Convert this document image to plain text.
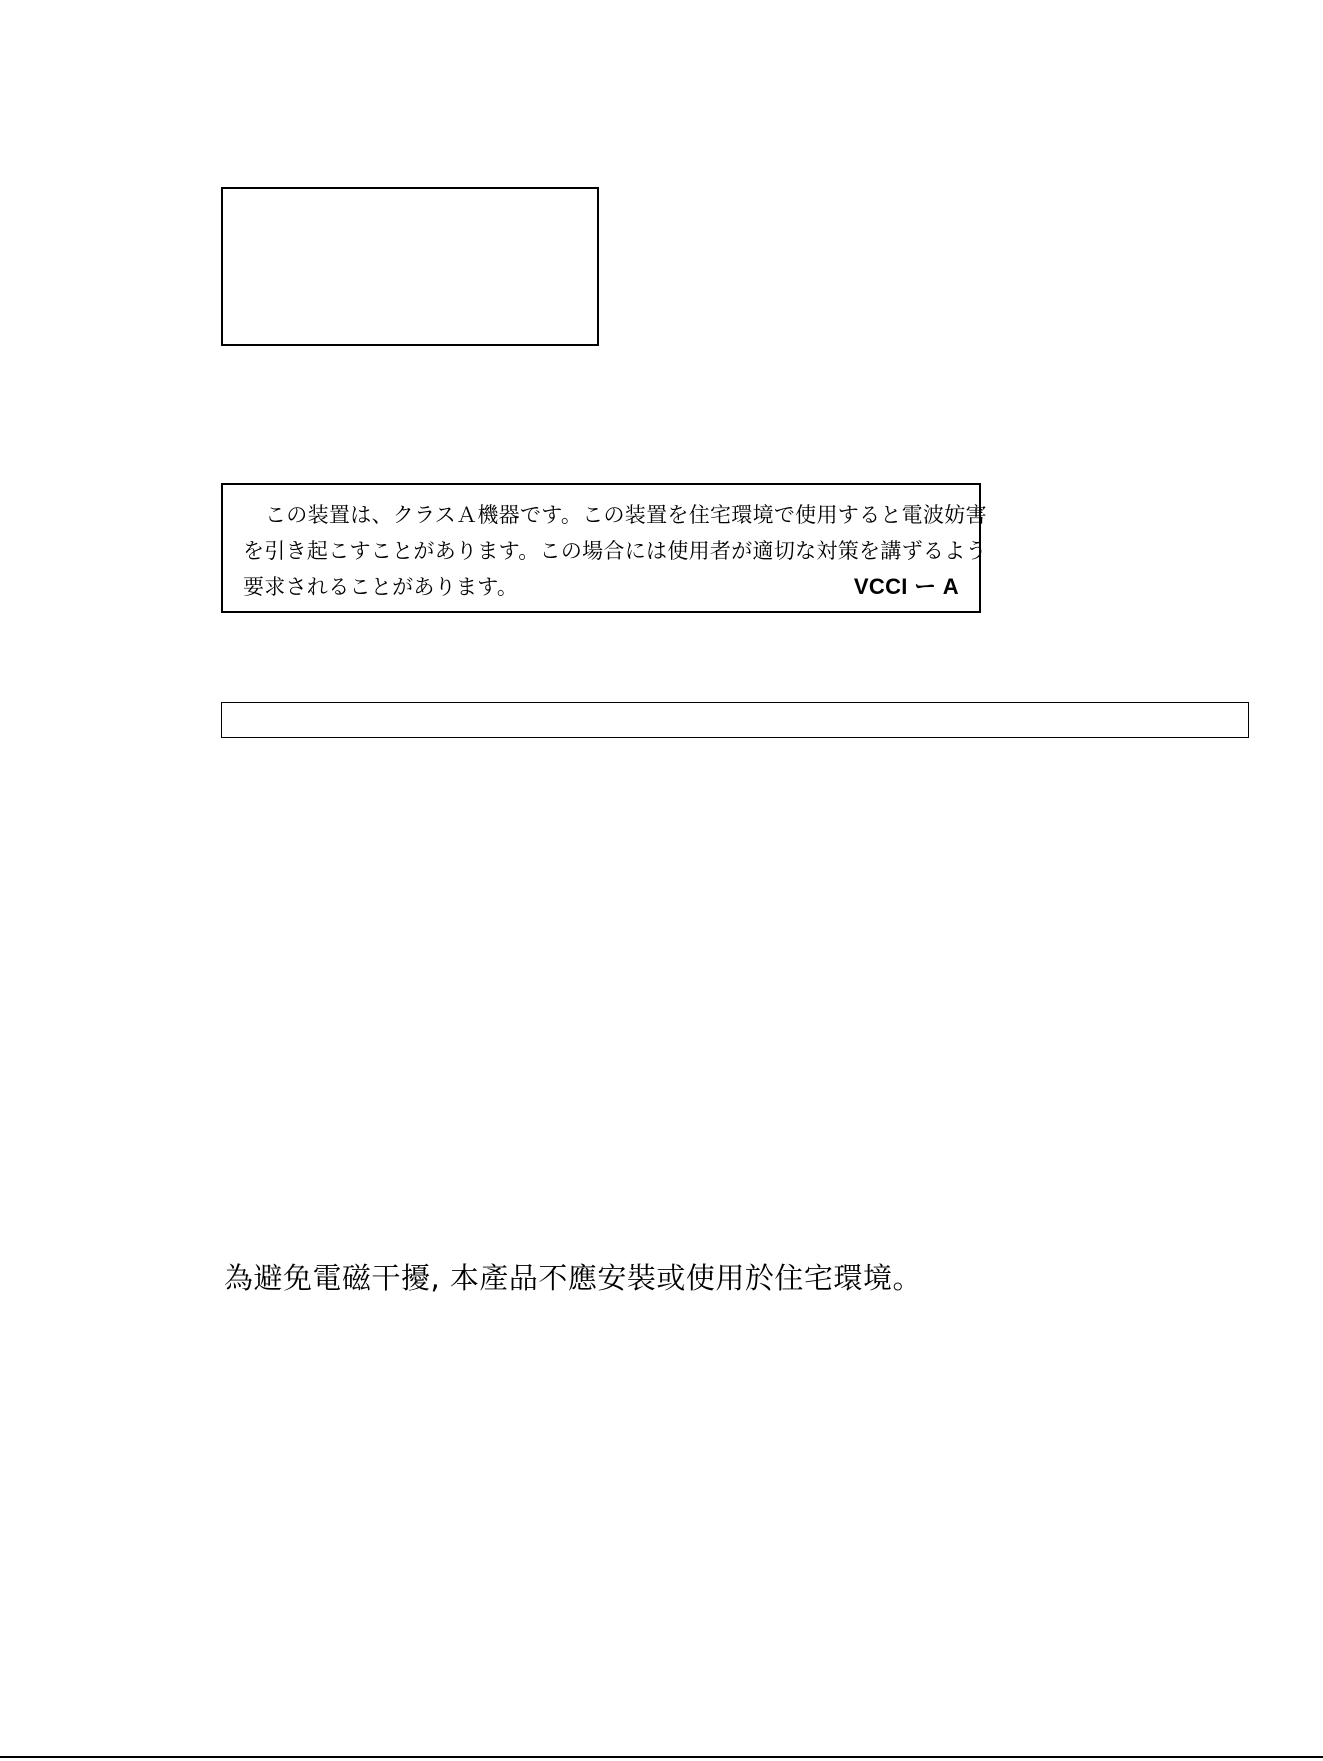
この装置は、クラスＡ機器です。この装置を住宅環境で使用すると電波妨害
を引き起こすことがあります。この場合には使用者が適切な対策を講ずるよう
要求されることがあります。	VCCI ー A
為避免電磁干擾, 本產品不應安裝或使用於住宅環境。
